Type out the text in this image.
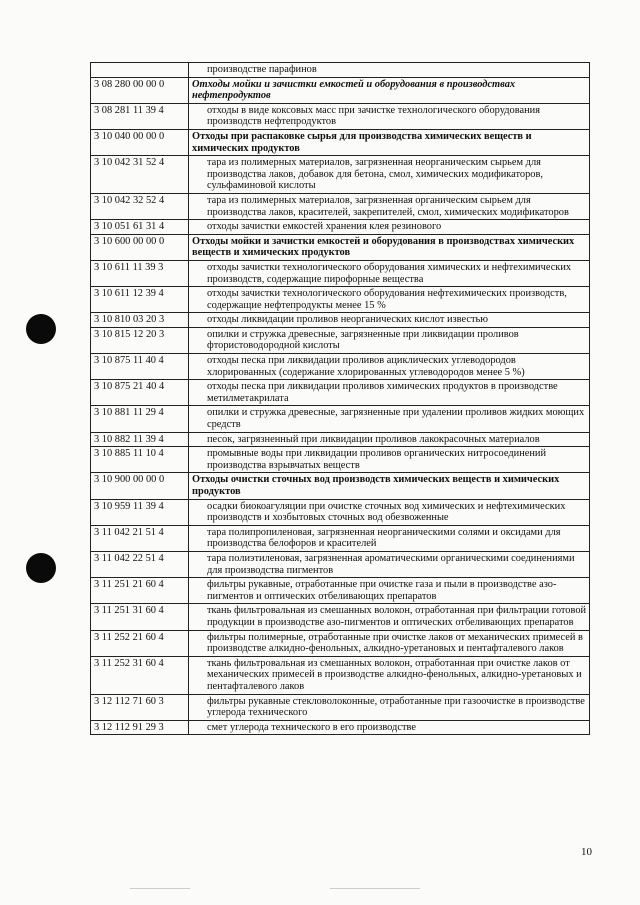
	производстве парафинов
3 08 280 00 00 0	Отходы мойки и зачистки емкостей и оборудования в производствах нефтепродуктов
3 08 281 11 39 4	отходы в виде коксовых масс при зачистке технологического оборудования производств нефтепродуктов
3 10 040 00 00 0	Отходы при распаковке сырья для производства химических веществ и химических продуктов
3 10 042 31 52 4	тара из полимерных материалов, загрязненная неорганическим сырьем для производства лаков, добавок для бетона, смол, химических модификаторов, сульфаминовой кислоты
3 10 042 32 52 4	тара из полимерных материалов, загрязненная органическим сырьем для производства лаков, красителей, закрепителей, смол, химических модификаторов
3 10 051 61 31 4	отходы зачистки емкостей хранения клея резинового
3 10 600 00 00 0	Отходы мойки и зачистки емкостей и оборудования в производствах химических веществ и химических продуктов
3 10 611 11 39 3	отходы зачистки технологического оборудования химических и нефтехимических производств, содержащие пирофорные вещества
3 10 611 12 39 4	отходы зачистки технологического оборудования нефтехимических производств, содержащие нефтепродукты менее 15 %
3 10 810 03 20 3	отходы ликвидации проливов неорганических кислот известью
3 10 815 12 20 3	опилки и стружка древесные, загрязненные при ликвидации проливов фтористоводородной кислоты
3 10 875 11 40 4	отходы песка при ликвидации проливов ациклических углеводородов хлорированных (содержание хлорированных углеводородов менее 5 %)
3 10 875 21 40 4	отходы песка при ликвидации проливов химических продуктов в производстве метилметакрилата
3 10 881 11 29 4	опилки и стружка древесные, загрязненные при удалении проливов жидких моющих средств
3 10 882 11 39 4	песок, загрязненный при ликвидации проливов лакокрасочных материалов
3 10 885 11 10 4	промывные воды при ликвидации проливов органических нитросоединений производства взрывчатых веществ
3 10 900 00 00 0	Отходы очистки сточных вод производств химических веществ и химических продуктов
3 10 959 11 39 4	осадки биокоагуляции при очистке сточных вод химических и нефтехимических производств и хозбытовых сточных вод обезвоженные
3 11 042 21 51 4	тара полипропиленовая, загрязненная неорганическими солями и оксидами для производства белофоров и красителей
3 11 042 22 51 4	тара полиэтиленовая, загрязненная ароматическими органическими соединениями для производства пигментов
3 11 251 21 60 4	фильтры рукавные, отработанные при очистке газа и пыли в производстве азо-пигментов и оптических отбеливающих препаратов
3 11 251 31 60 4	ткань фильтровальная из смешанных волокон, отработанная при фильтрации готовой продукции в производстве азо-пигментов и оптических отбеливающих препаратов
3 11 252 21 60 4	фильтры полимерные, отработанные при очистке лаков от механических примесей в производстве алкидно-фенольных, алкидно-уретановых и пентафталевого лаков
3 11 252 31 60 4	ткань фильтровальная из смешанных волокон, отработанная при очистке лаков от механических примесей в производстве алкидно-фенольных, алкидно-уретановых и пентафталевого лаков
3 12 112 71 60 3	фильтры рукавные стекловолоконные, отработанные при газоочистке в производстве углерода технического
3 12 112 91 29 3	смет углерода технического в его производстве
10
